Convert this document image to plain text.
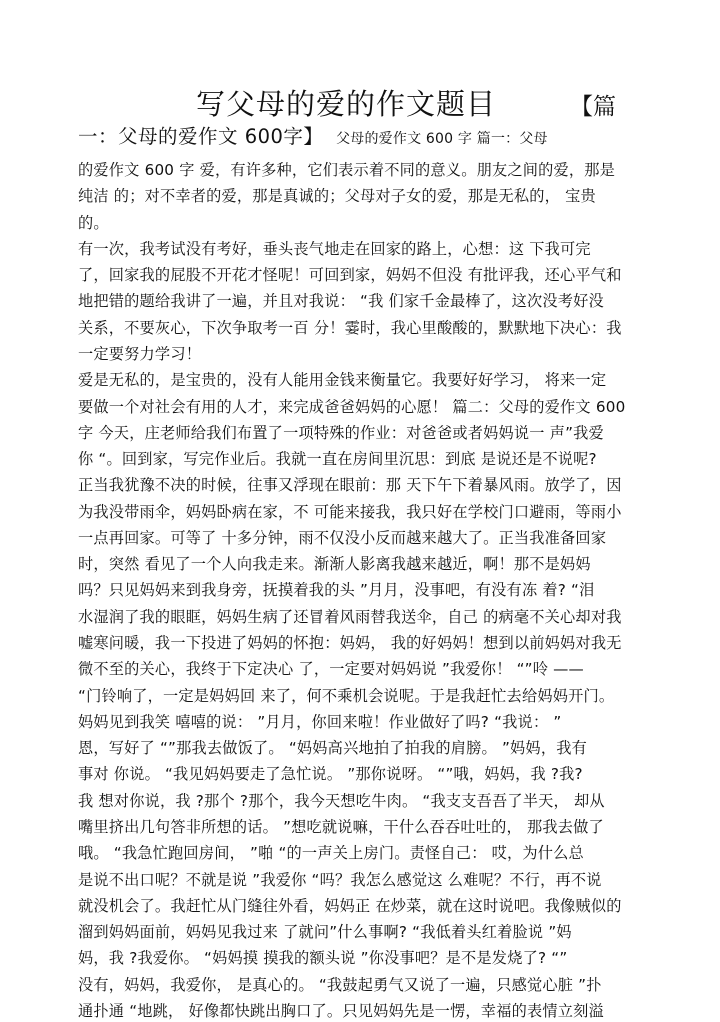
写父母的爱的作文题目	【篇
一：父母的爱作文 600字】 父母的爱作文 600 字 篇一：父母
的爱作文 600 字 爱，有许多种，它们表示着不同的意义。朋友之间的爱，那是
纯洁 的；对不幸者的爱，那是真诚的；父母对子女的爱，那是无私的， 宝贵
的。
有一次，我考试没有考好，垂头丧气地走在回家的路上，心想：这 下我可完
了，回家我的屁股不开花才怪呢！可回到家，妈妈不但没 有批评我，还心平气和
地把错的题给我讲了一遍，并且对我说： “我 们家千金最棒了，这次没考好没
关系，不要灰心，下次争取考一百 分！霎时，我心里酸酸的，默默地下决心：我
一定要努力学习！
爱是无私的，是宝贵的，没有人能用金钱来衡量它。我要好好学习， 将来一定
要做一个对社会有用的人才，来完成爸爸妈妈的心愿！ 篇二：父母的爱作文 600
字 今天，庄老师给我们布置了一项特殊的作业：对爸爸或者妈妈说一 声”我爱
你 “。回到家，写完作业后。我就一直在房间里沉思：到底 是说还是不说呢?
正当我犹豫不决的时候，往事又浮现在眼前：那 天下午下着暴风雨。放学了，因
为我没带雨伞，妈妈卧病在家，不 可能来接我，我只好在学校门口避雨，等雨小
一点再回家。可等了 十多分钟，雨不仅没小反而越来越大了。正当我准备回家
时，突然 看见了一个人向我走来。渐渐人影离我越来越近，啊！那不是妈妈
吗？只见妈妈来到我身旁，抚摸着我的头 ”月月，没事吧，有没有冻 着? “泪
水湿润了我的眼眶，妈妈生病了还冒着风雨替我送伞，自己 的病毫不关心却对我
嘘寒问暖，我一下投进了妈妈的怀抱：妈妈， 我的好妈妈！想到以前妈妈对我无
微不至的关心，我终于下定决心 了，一定要对妈妈说 ”我爱你！ “”呤 ——
“门铃响了，一定是妈妈回 来了，何不乘机会说呢。于是我赶忙去给妈妈开门。
妈妈见到我笑 嘻嘻的说： ”月月，你回来啦！作业做好了吗? “我说： ”
恩，写好了 “”那我去做饭了。 “妈妈高兴地拍了拍我的肩膀。 ”妈妈，我有
事对 你说。 “我见妈妈要走了急忙说。 ”那你说呀。 “”哦，妈妈，我 ?我?
我 想对你说，我 ?那个 ?那个，我今天想吃牛肉。 “我支支吾吾了半天， 却从
嘴里挤出几句答非所想的话。 ”想吃就说嘛，干什么吞吞吐吐的， 那我去做了
哦。 “我急忙跑回房间， ”啪 “的一声关上房门。责怪自己： 哎，为什么总
是说不出口呢？不就是说 ”我爱你 “吗？我怎么感觉这 么难呢？不行，再不说
就没机会了。我赶忙从门缝往外看，妈妈正 在炒菜，就在这时说吧。我像贼似的
溜到妈妈面前，妈妈见我过来 了就问”什么事啊? “我低着头红着脸说 ”妈
妈，我 ?我爱你。 “妈妈摸 摸我的额头说 ”你没事吧？是不是发烧了? “”
没有，妈妈，我爱你， 是真心的。 “我鼓起勇气又说了一遍，只感觉心脏 ”扑
通扑通 “地跳， 好像都快跳出胸口了。只见妈妈先是一愣，幸福的表情立刻溢
